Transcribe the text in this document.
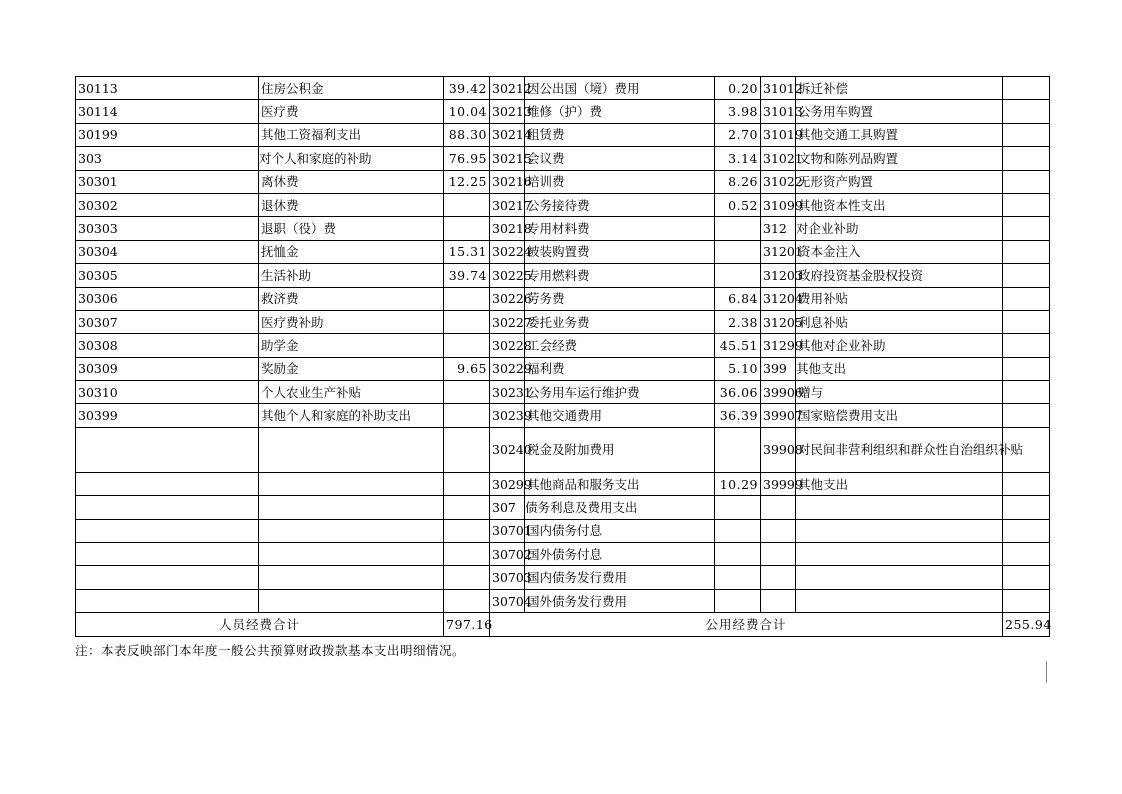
30113	住房公积金	39.42	30212	因公出国（境）费用	0.20	31012	拆迁补偿	
30114	医疗费	10.04	30213	维修（护）费	3.98	31013	公务用车购置	
30199	其他工资福利支出	88.30	30214	租赁费	2.70	31019	其他交通工具购置	
303	对个人和家庭的补助	76.95	30215	会议费	3.14	31021	文物和陈列品购置	
30301	离休费	12.25	30216	培训费	8.26	31022	无形资产购置	
30302	退休费		30217	公务接待费	0.52	31099	其他资本性支出	
30303	退职（役）费		30218	专用材料费		312	对企业补助	
30304	抚恤金	15.31	30224	被装购置费		31201	资本金注入	
30305	生活补助	39.74	30225	专用燃料费		31203	政府投资基金股权投资	
30306	救济费		30226	劳务费	6.84	31204	费用补贴	
30307	医疗费补助		30227	委托业务费	2.38	31205	利息补贴	
30308	助学金		30228	工会经费	45.51	31299	其他对企业补助	
30309	奖励金	9.65	30229	福利费	5.10	399	其他支出	
30310	个人农业生产补贴		30231	公务用车运行维护费	36.06	39906	赠与	
30399	其他个人和家庭的补助支出		30239	其他交通费用	36.39	39907	国家赔偿费用支出	
			30240	税金及附加费用		39908	对民间非营利组织和群众性自治组织补贴	
			30299	其他商品和服务支出	10.29	39999	其他支出	
			307	债务利息及费用支出				
			30701	国内债务付息				
			30702	国外债务付息				
			30703	国内债务发行费用				
			30704	国外债务发行费用				
人员经费合计		797.16	公用经费合计					255.94
注：本表反映部门本年度一般公共预算财政拨款基本支出明细情况。
